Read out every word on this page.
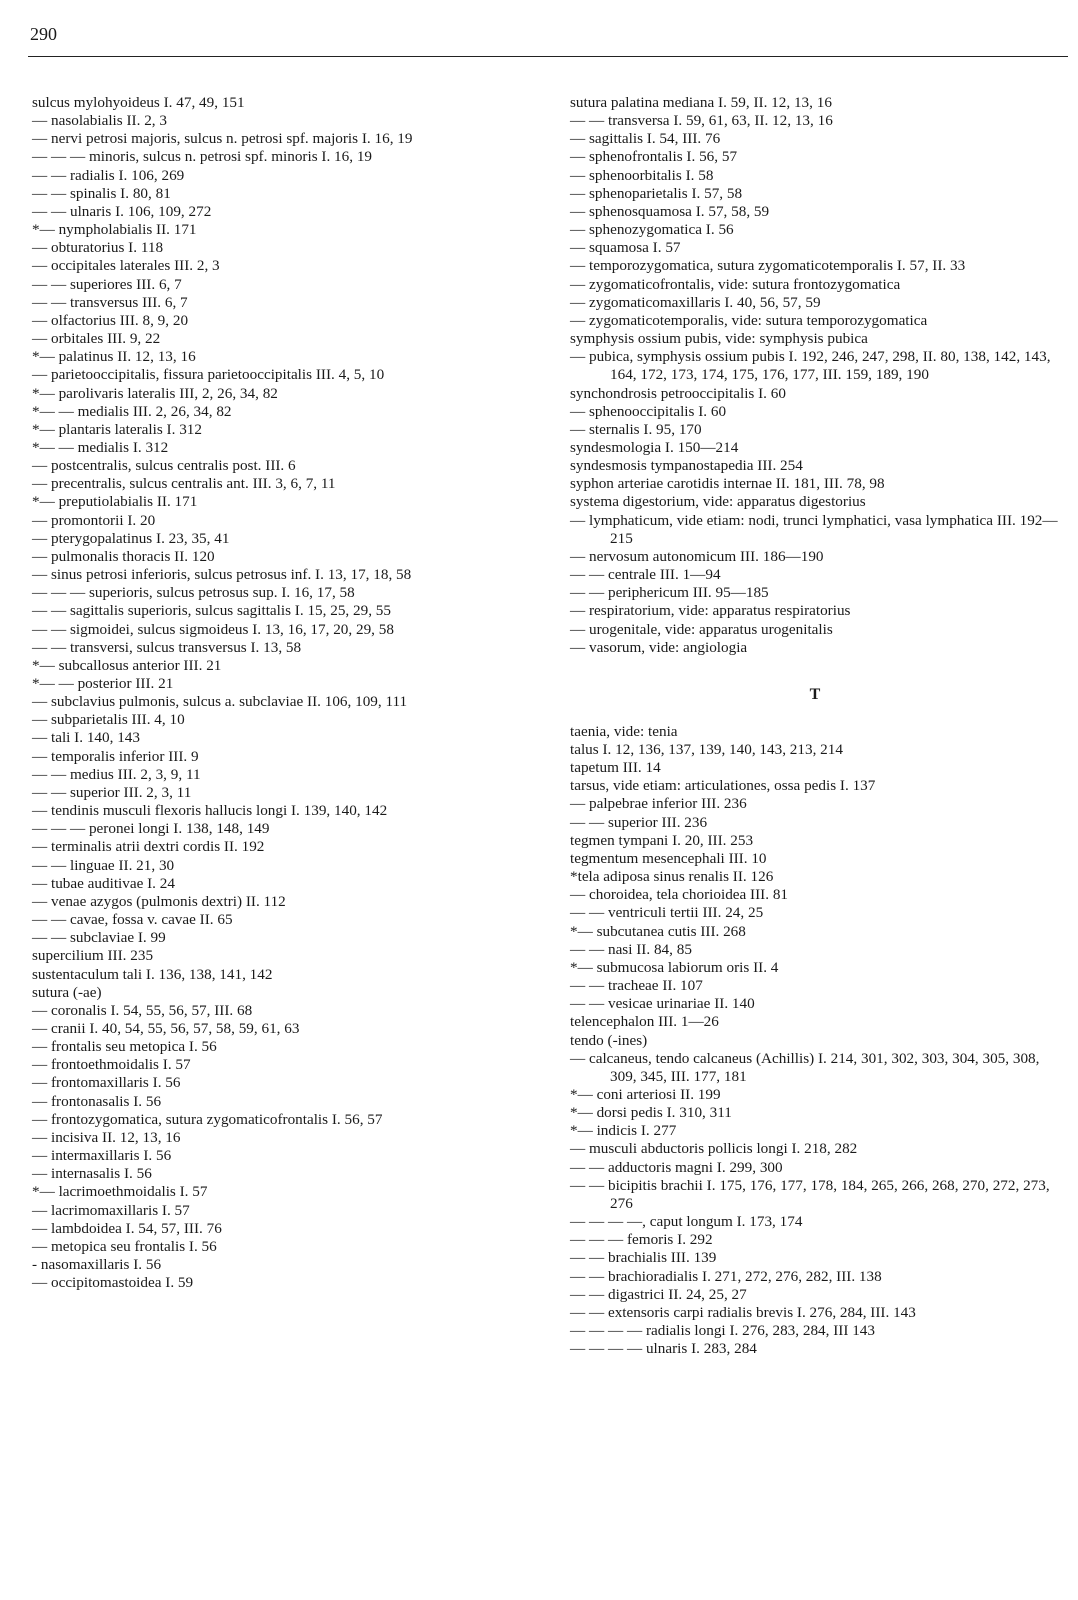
290
sulcus mylohyoideus I. 47, 49, 151
— nasolabialis II. 2, 3
— nervi petrosi majoris, sulcus n. petrosi spf. majoris I. 16, 19
— — — minoris, sulcus n. petrosi spf. minoris I. 16, 19
— — radialis I. 106, 269
— — spinalis I. 80, 81
— — ulnaris I. 106, 109, 272
*— nympholabialis II. 171
— obturatorius I. 118
— occipitales laterales III. 2, 3
— — superiores III. 6, 7
— — transversus III. 6, 7
— olfactorius III. 8, 9, 20
— orbitales III. 9, 22
*— palatinus II. 12, 13, 16
— parietooccipitalis, fissura parietooccipitalis III. 4, 5, 10
*— parolivaris lateralis III, 2, 26, 34, 82
*— — medialis III. 2, 26, 34, 82
*— plantaris lateralis I. 312
*— — medialis I. 312
— postcentralis, sulcus centralis post. III. 6
— precentralis, sulcus centralis ant. III. 3, 6, 7, 11
*— preputiolabialis II. 171
— promontorii I. 20
— pterygopalatinus I. 23, 35, 41
— pulmonalis thoracis II. 120
— sinus petrosi inferioris, sulcus petrosus inf. I. 13, 17, 18, 58
— — — superioris, sulcus petrosus sup. I. 16, 17, 58
— — sagittalis superioris, sulcus sagittalis I. 15, 25, 29, 55
— — sigmoidei, sulcus sigmoideus I. 13, 16, 17, 20, 29, 58
— — transversi, sulcus transversus I. 13, 58
*— subcallosus anterior III. 21
*— — posterior III. 21
— subclavius pulmonis, sulcus a. subclaviae II. 106, 109, 111
— subparietalis III. 4, 10
— tali I. 140, 143
— temporalis inferior III. 9
— — medius III. 2, 3, 9, 11
— — superior III. 2, 3, 11
— tendinis musculi flexoris hallucis longi I. 139, 140, 142
— — — peronei longi I. 138, 148, 149
— terminalis atrii dextri cordis II. 192
— — linguae II. 21, 30
— tubae auditivae I. 24
— venae azygos (pulmonis dextri) II. 112
— — cavae, fossa v. cavae II. 65
— — subclaviae I. 99
supercilium III. 235
sustentaculum tali I. 136, 138, 141, 142
sutura (-ae)
— coronalis I. 54, 55, 56, 57, III. 68
— cranii I. 40, 54, 55, 56, 57, 58, 59, 61, 63
— frontalis seu metopica I. 56
— frontoethmoidalis I. 57
— frontomaxillaris I. 56
— frontonasalis I. 56
— frontozygomatica, sutura zygomaticofrontalis I. 56, 57
— incisiva II. 12, 13, 16
— intermaxillaris I. 56
— internasalis I. 56
*— lacrimoethmoidalis I. 57
— lacrimomaxillaris I. 57
— lambdoidea I. 54, 57, III. 76
— metopica seu frontalis I. 56
- nasomaxillaris I. 56
— occipitomastoidea I. 59
sutura palatina mediana I. 59, II. 12, 13, 16
— — transversa I. 59, 61, 63, II. 12, 13, 16
— sagittalis I. 54, III. 76
— sphenofrontalis I. 56, 57
— sphenoorbitalis I. 58
— sphenoparietalis I. 57, 58
— sphenosquamosa I. 57, 58, 59
— sphenozygomatica I. 56
— squamosa I. 57
— temporozygomatica, sutura zygomaticotemporalis I. 57, II. 33
— zygomaticofrontalis, vide: sutura frontozygomatica
— zygomaticomaxillaris I. 40, 56, 57, 59
— zygomaticotemporalis, vide: sutura temporozygomatica
symphysis ossium pubis, vide: symphysis pubica
— pubica, symphysis ossium pubis I. 192, 246, 247, 298, II. 80, 138, 142, 143, 164, 172, 173, 174, 175, 176, 177, III. 159, 189, 190
synchondrosis petrooccipitalis I. 60
— sphenooccipitalis I. 60
— sternalis I. 95, 170
syndesmologia I. 150—214
syndesmosis tympanostapedia III. 254
syphon arteriae carotidis internae II. 181, III. 78, 98
systema digestorium, vide: apparatus digestorius
— lymphaticum, vide etiam: nodi, trunci lymphatici, vasa lymphatica III. 192—215
— nervosum autonomicum III. 186—190
— — centrale III. 1—94
— — periphericum III. 95—185
— respiratorium, vide: apparatus respiratorius
— urogenitale, vide: apparatus urogenitalis
— vasorum, vide: angiologia
T
taenia, vide: tenia
talus I. 12, 136, 137, 139, 140, 143, 213, 214
tapetum III. 14
tarsus, vide etiam: articulationes, ossa pedis I. 137
— palpebrae inferior III. 236
— — superior III. 236
tegmen tympani I. 20, III. 253
tegmentum mesencephali III. 10
*tela adiposa sinus renalis II. 126
— choroidea, tela chorioidea III. 81
— — ventriculi tertii III. 24, 25
*— subcutanea cutis III. 268
— — nasi II. 84, 85
*— submucosa labiorum oris II. 4
— — tracheae II. 107
— — vesicae urinariae II. 140
telencephalon III. 1—26
tendo (-ines)
— calcaneus, tendo calcaneus (Achillis) I. 214, 301, 302, 303, 304, 305, 308, 309, 345, III. 177, 181
*— coni arteriosi II. 199
*— dorsi pedis I. 310, 311
*— indicis I. 277
— musculi abductoris pollicis longi I. 218, 282
— — adductoris magni I. 299, 300
— — bicipitis brachii I. 175, 176, 177, 178, 184, 265, 266, 268, 270, 272, 273, 276
— — — —, caput longum I. 173, 174
— — — femoris I. 292
— — brachialis III. 139
— — brachioradialis I. 271, 272, 276, 282, III. 138
— — digastrici II. 24, 25, 27
— — extensoris carpi radialis brevis I. 276, 284, III. 143
— — — — radialis longi I. 276, 283, 284, III 143
— — — — ulnaris I. 283, 284
